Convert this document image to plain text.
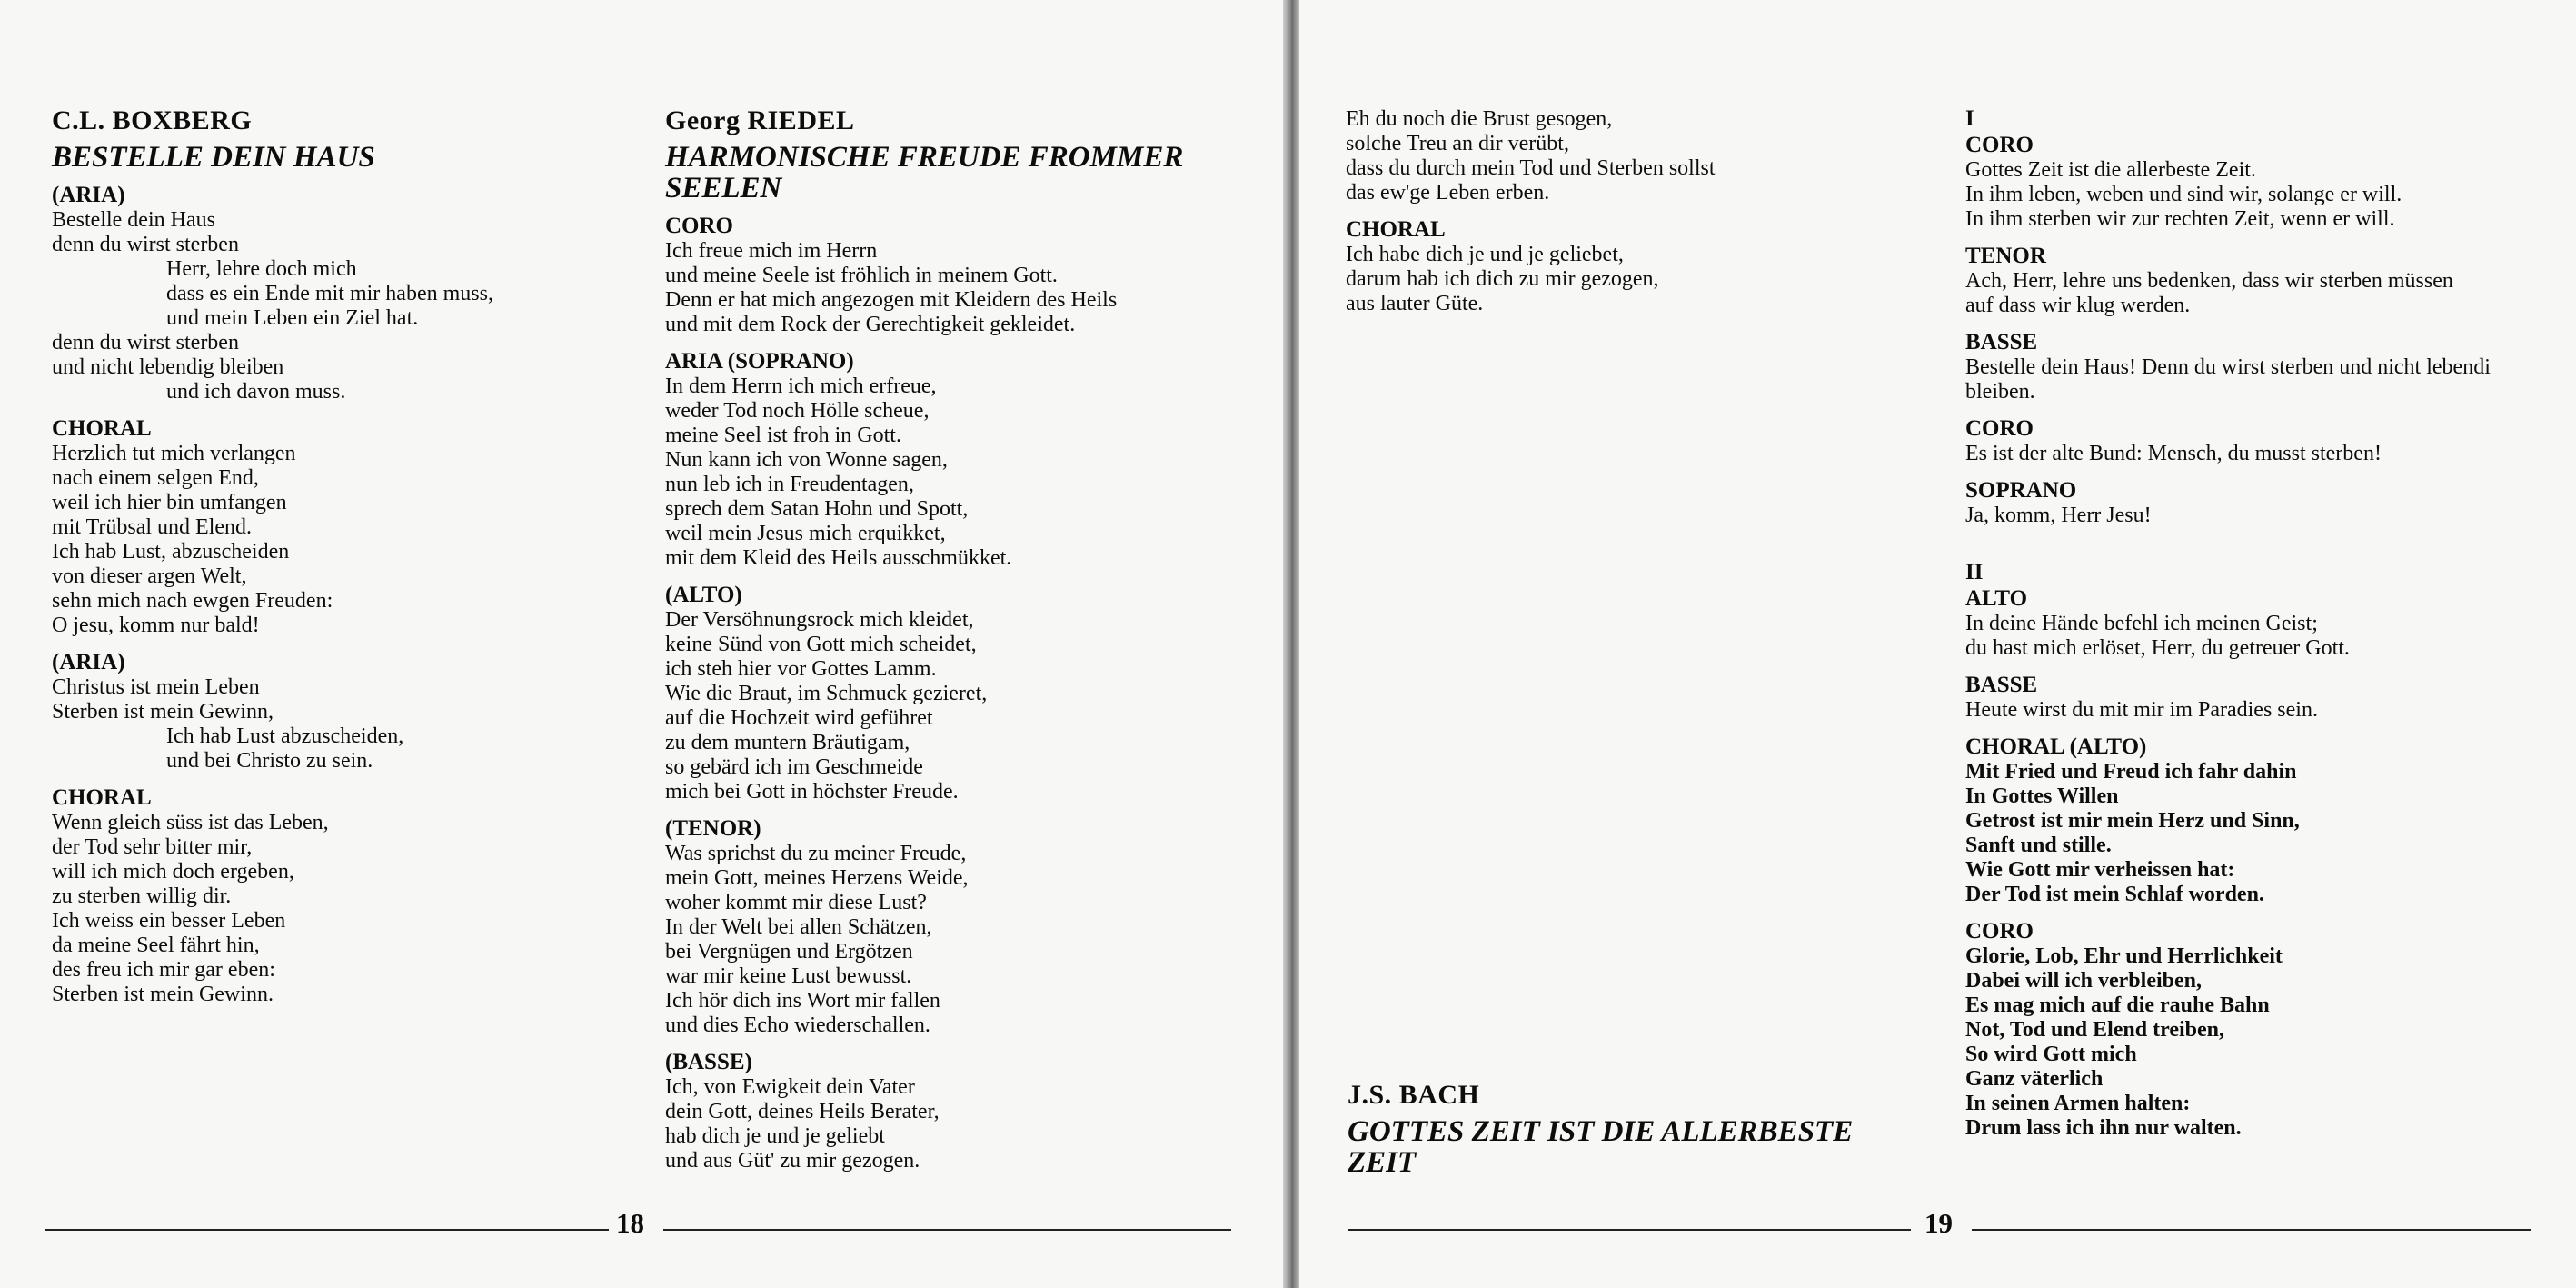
C.L. BOXBERG
BESTELLE DEIN HAUS
(ARIA)
Bestelle dein Haus
denn du wirst sterben
Herr, lehre doch mich
dass es ein Ende mit mir haben muss,
und mein Leben ein Ziel hat.
denn du wirst sterben
und nicht lebendig bleiben
und ich davon muss.
CHORAL
Herzlich tut mich verlangen
nach einem selgen End,
weil ich hier bin umfangen
mit Trübsal und Elend.
Ich hab Lust, abzuscheiden
von dieser argen Welt,
sehn mich nach ewgen Freuden:
O jesu, komm nur bald!
(ARIA)
Christus ist mein Leben
Sterben ist mein Gewinn,
Ich hab Lust abzuscheiden,
und bei Christo zu sein.
CHORAL
Wenn gleich süss ist das Leben,
der Tod sehr bitter mir,
will ich mich doch ergeben,
zu sterben willig dir.
Ich weiss ein besser Leben
da meine Seel fährt hin,
des freu ich mir gar eben:
Sterben ist mein Gewinn.
Georg RIEDEL
HARMONISCHE FREUDE FROMMER SEELEN
CORO
Ich freue mich im Herrn
und meine Seele ist fröhlich in meinem Gott.
Denn er hat mich angezogen mit Kleidern des Heils
und mit dem Rock der Gerechtigkeit gekleidet.
ARIA (SOPRANO)
In dem Herrn ich mich erfreue,
weder Tod noch Hölle scheue,
meine Seel ist froh in Gott.
Nun kann ich von Wonne sagen,
nun leb ich in Freudentagen,
sprech dem Satan Hohn und Spott,
weil mein Jesus mich erquikket,
mit dem Kleid des Heils ausschmükket.
(ALTO)
Der Versöhnungsrock mich kleidet,
keine Sünd von Gott mich scheidet,
ich steh hier vor Gottes Lamm.
Wie die Braut, im Schmuck gezieret,
auf die Hochzeit wird geführet
zu dem muntern Bräutigam,
so gebärd ich im Geschmeide
mich bei Gott in höchster Freude.
(TENOR)
Was sprichst du zu meiner Freude,
mein Gott, meines Herzens Weide,
woher kommt mir diese Lust?
In der Welt bei allen Schätzen,
bei Vergnügen und Ergötzen
war mir keine Lust bewusst.
Ich hör dich ins Wort mir fallen
und dies Echo wiederschallen.
(BASSE)
Ich, von Ewigkeit dein Vater
dein Gott, deines Heils Berater,
hab dich je und je geliebt
und aus Güt' zu mir gezogen.
18
Eh du noch die Brust gesogen,
solche Treu an dir verübt,
dass du durch mein Tod und Sterben sollst
das ew'ge Leben erben.
CHORAL
Ich habe dich je und je geliebet,
darum hab ich dich zu mir gezogen,
aus lauter Güte.
J.S. BACH
GOTTES ZEIT IST DIE ALLERBESTE ZEIT
I
CORO
Gottes Zeit ist die allerbeste Zeit.
In ihm leben, weben und sind wir, solange er will.
In ihm sterben wir zur rechten Zeit, wenn er will.
TENOR
Ach, Herr, lehre uns bedenken, dass wir sterben müssen
auf dass wir klug werden.
BASSE
Bestelle dein Haus! Denn du wirst sterben und nicht lebendi
bleiben.
CORO
Es ist der alte Bund: Mensch, du musst sterben!
SOPRANO
Ja, komm, Herr Jesu!
II
ALTO
In deine Hände befehl ich meinen Geist;
du hast mich erlöset, Herr, du getreuer Gott.
BASSE
Heute wirst du mit mir im Paradies sein.
CHORAL (ALTO)
Mit Fried und Freud ich fahr dahin
In Gottes Willen
Getrost ist mir mein Herz und Sinn,
Sanft und stille.
Wie Gott mir verheissen hat:
Der Tod ist mein Schlaf worden.
CORO
Glorie, Lob, Ehr und Herrlichkeit
Dabei will ich verbleiben,
Es mag mich auf die rauhe Bahn
Not, Tod und Elend treiben,
So wird Gott mich
Ganz väterlich
In seinen Armen halten:
Drum lass ich ihn nur walten.
19
